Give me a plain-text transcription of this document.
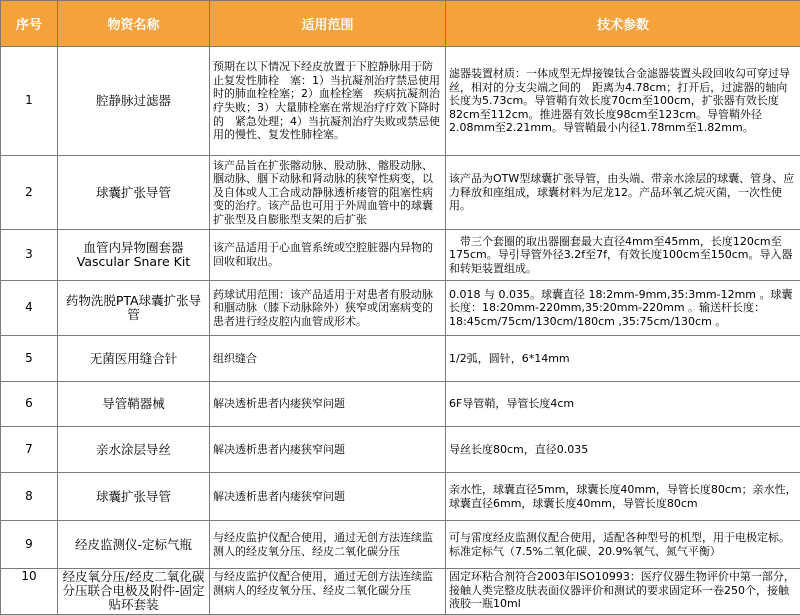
序号	物资名称	适用范围	技术参数
1	腔静脉过滤器	预期在以下情况下经皮放置于下腔静脉用于防止复发性肺栓　塞：1）当抗凝剂治疗禁忌使用时的肺血栓栓塞；2）血栓栓塞　疾病抗凝剂治疗失败；3）大量肺栓塞在常规治疗疗效下降时的　紧急处理；4）当抗凝剂治疗失败或禁忌使用的慢性、复发性肺栓塞。	滤器装置材质：一体成型无焊接镍钛合金滤器装置头段回收勾可穿过导丝，相对的分支尖端之间的　距离为4.78cm；打开后，过滤器的轴向长度为5.73cm。导管鞘有效长度70cm至100cm，扩张器有效长度82cm至112cm。推进器有效长度98cm至123cm。导管鞘外径2.08mm至2.21mm。导管鞘最小内径1.78mm至1.82mm。
2	球囊扩张导管	该产品旨在扩张髂动脉、股动脉、髂股动脉、腘动脉、腘下动脉和肾动脉的狭窄性病变，以及自体或人工合成动静脉透析瘘管的阻塞性病变的治疗。该产品也可用于外周血管中的球囊扩张型及自膨胀型支架的后扩张	该产品为OTW型球囊扩张导管，由头端、带亲水涂层的球囊、管身、应力释放和座组成，球囊材料为尼龙12。产品环氧乙烷灭菌，一次性使用。
3	血管内异物圈套器Vascular Snare Kit	该产品适用于心血管系统或空腔脏器内异物的回收和取出。	　带三个套圈的取出器圈套最大直径4mm至45mm，长度120cm至175cm。导引导管外径3.2f至7f，有效长度100cm至150cm。导入器和转矩装置组成。
4	药物洗脱PTA球囊扩张导管	药球试用范围：该产品适用于对患者有股动脉和腘动脉（膝下动脉除外）狭窄或闭塞病变的患者进行经皮腔内血管成形术。	0.018 与 0.035。球囊直径 18:2mm-9mm,35:3mm-12mm 。球囊长度：18:20mm-220mm,35:20mm-220mm 。输送杆长度：18:45cm/75cm/130cm/180cm ,35:75cm/130cm 。
5	无菌医用缝合针	组织缝合	1/2弧，圆针，6*14mm
6	导管鞘器械	解决透析患者内瘘狭窄问题	6F导管鞘，导管长度4cm
7	亲水涂层导丝	解决透析患者内瘘狭窄问题	导丝长度80cm，直径0.035
8	球囊扩张导管	解决透析患者内瘘狭窄问题	亲水性，球囊直径5mm，球囊长度40mm，导管长度80cm；亲水性，球囊直径6mm，球囊长度40mm，导管长度80cm
9	经皮监测仪-定标气瓶	与经皮监护仪配合使用，通过无创方法连续监测人的经皮氧分压、经皮二氧化碳分压	可与雷度经皮监测仪配合使用，适配各种型号的机型，用于电极定标。标准定标气（7.5%二氧化碳、20.9%氧气、氮气平衡）
10	经皮氧分压/经皮二氧化碳分压联合电极及附件-固定贴环套装	与经皮监护仪配合使用，通过无创方法连续监测病人的经皮氧分压、经皮二氧化碳分压	固定环粘合剂符合2003年ISO10993：医疗仪器生物评价中第一部分，接触人类完整皮肤表面仪器评价和测试的要求固定环一卷250个，接触液胶一瓶10ml
